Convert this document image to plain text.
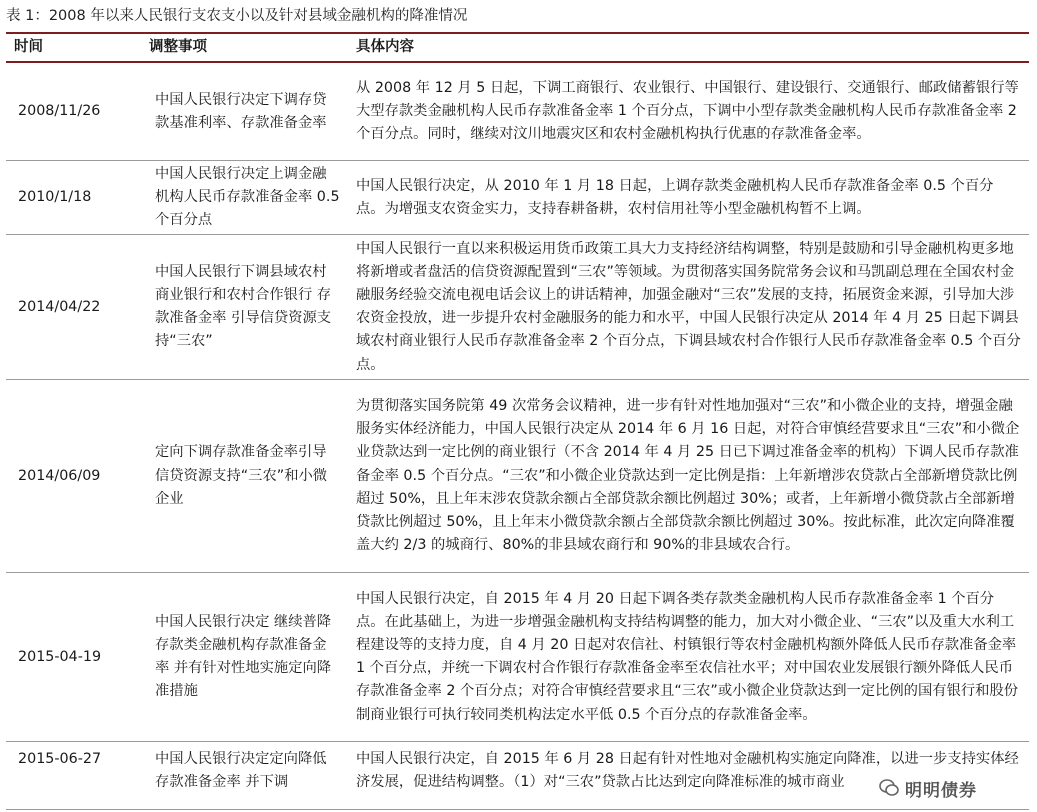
表 1：2008 年以来人民银行支农支小以及针对县域金融机构的降准情况
时间	调整事项	具体内容
2008/11/26	中国人民银行决定下调存贷款基准利率、存款准备金率	从 2008 年 12 月 5 日起，下调工商银行、农业银行、中国银行、建设银行、交通银行、邮政储蓄银行等大型存款类金融机构人民币存款准备金率 1 个百分点，下调中小型存款类金融机构人民币存款准备金率 2 个百分点。同时，继续对汶川地震灾区和农村金融机构执行优惠的存款准备金率。
2010/1/18	中国人民银行决定上调金融机构人民币存款准备金率 0.5 个百分点	中国人民银行决定，从 2010 年 1 月 18 日起，上调存款类金融机构人民币存款准备金率 0.5 个百分点。为增强支农资金实力，支持春耕备耕，农村信用社等小型金融机构暂不上调。
2014/04/22	中国人民银行下调县域农村商业银行和农村合作银行 存款准备金率 引导信贷资源支持“三农”	中国人民银行一直以来积极运用货币政策工具大力支持经济结构调整，特别是鼓励和引导金融机构更多地将新增或者盘活的信贷资源配置到“三农”等领域。为贯彻落实国务院常务会议和马凯副总理在全国农村金融服务经验交流电视电话会议上的讲话精神，加强金融对“三农”发展的支持，拓展资金来源，引导加大涉农资金投放，进一步提升农村金融服务的能力和水平，中国人民银行决定从 2014 年 4 月 25 日起下调县域农村商业银行人民币存款准备金率 2 个百分点，下调县域农村合作银行人民币存款准备金率 0.5 个百分点。
2014/06/09	定向下调存款准备金率引导信贷资源支持“三农”和小微企业	为贯彻落实国务院第 49 次常务会议精神，进一步有针对性地加强对“三农”和小微企业的支持，增强金融服务实体经济能力，中国人民银行决定从 2014 年 6 月 16 日起，对符合审慎经营要求且“三农”和小微企业贷款达到一定比例的商业银行（不含 2014 年 4 月 25 日已下调过准备金率的机构）下调人民币存款准备金率 0.5 个百分点。“三农”和小微企业贷款达到一定比例是指：上年新增涉农贷款占全部新增贷款比例超过 50%，且上年末涉农贷款余额占全部贷款余额比例超过 30%；或者，上年新增小微贷款占全部新增贷款比例超过 50%，且上年末小微贷款余额占全部贷款余额比例超过 30%。按此标准，此次定向降准覆盖大约 2/3 的城商行、80%的非县域农商行和 90%的非县域农合行。
2015-04-19	中国人民银行决定 继续普降存款类金融机构存款准备金率 并有针对性地实施定向降准措施	中国人民银行决定，自 2015 年 4 月 20 日起下调各类存款类金融机构人民币存款准备金率 1 个百分点。在此基础上，为进一步增强金融机构支持结构调整的能力，加大对小微企业、“三农”以及重大水利工程建设等的支持力度，自 4 月 20 日起对农信社、村镇银行等农村金融机构额外降低人民币存款准备金率 1 个百分点，并统一下调农村合作银行存款准备金率至农信社水平；对中国农业发展银行额外降低人民币存款准备金率 2 个百分点；对符合审慎经营要求且“三农”或小微企业贷款达到一定比例的国有银行和股份制商业银行可执行较同类机构法定水平低 0.5 个百分点的存款准备金率。
2015-06-27	中国人民银行决定定向降低存款准备金率 并下调	中国人民银行决定，自 2015 年 6 月 28 日起有针对性地对金融机构实施定向降准，以进一步支持实体经济发展，促进结构调整。（1）对“三农”贷款占比达到定向降准标准的城市商业	明明债券
